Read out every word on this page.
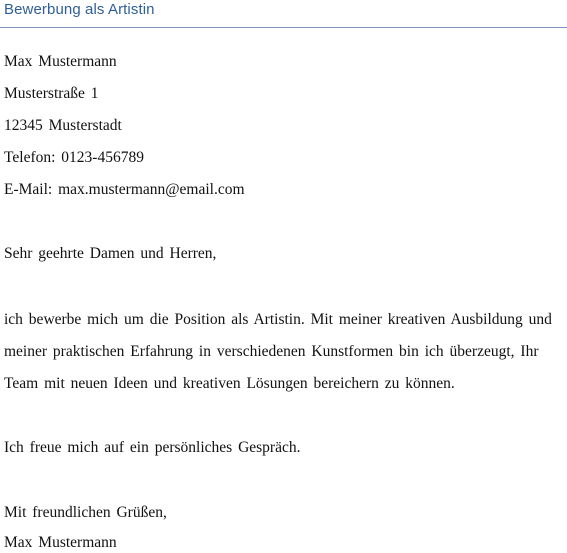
Bewerbung als Artistin
Max Mustermann
Musterstraße 1
12345 Musterstadt
Telefon: 0123-456789
E-Mail: max.mustermann@email.com
Sehr geehrte Damen und Herren,
ich bewerbe mich um die Position als Artistin. Mit meiner kreativen Ausbildung und
meiner praktischen Erfahrung in verschiedenen Kunstformen bin ich überzeugt, Ihr
Team mit neuen Ideen und kreativen Lösungen bereichern zu können.
Ich freue mich auf ein persönliches Gespräch.
Mit freundlichen Grüßen,
Max Mustermann
